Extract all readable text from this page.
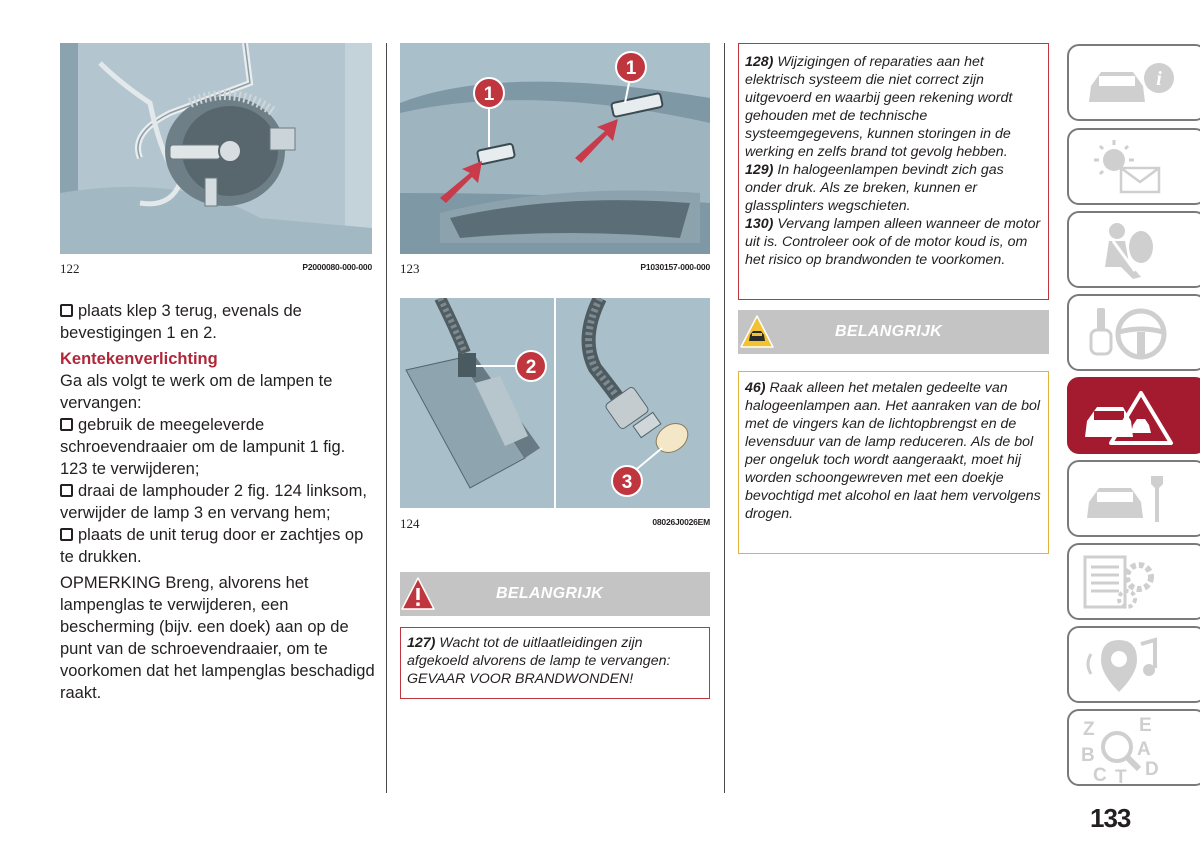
122	P2000080-000-000
1
1
123	P1030157-000-000
2
3
124	08026J0026EM

plaats klep 3 terug, evenals de bevestigingen 1 en 2.

Kentekenverlichting

Ga als volgt te werk om de lampen te vervangen:

gebruik de meegeleverde schroevendraaier om de lampunit 1 fig. 123 te verwijderen;

draai de lamphouder 2 fig. 124 linksom, verwijder de lamp 3 en vervang hem;

plaats de unit terug door er zachtjes op te drukken.

OPMERKING Breng, alvorens het lampenglas te verwijderen, een bescherming (bijv. een doek) aan op de punt van de schroevendraaier, om te voorkomen dat het lampenglas beschadigd raakt.

BELANGRIJK
127) Wacht tot de uitlaatleidingen zijn afgekoeld alvorens de lamp te vervangen: GEVAAR VOOR BRANDWONDEN!
128) Wijzigingen of reparaties aan het elektrisch systeem die niet correct zijn uitgevoerd en waarbij geen rekening wordt gehouden met de technische systeemgegevens, kunnen storingen in de werking en zelfs brand tot gevolg hebben.
129) In halogeenlampen bevindt zich gas onder druk. Als ze breken, kunnen er glassplinters wegschieten.
130) Vervang lampen alleen wanneer de motor uit is. Controleer ook of de motor koud is, om het risico op brandwonden te voorkomen.
BELANGRIJK
46) Raak alleen het metalen gedeelte van halogeenlampen aan. Het aanraken van de bol met de vingers kan de lichtopbrengst en de levensduur van de lamp reduceren. Als de bol per ongeluk toch wordt aangeraakt, moet hij worden schoongewreven met een doekje bevochtigd met alcohol en laat hem vervolgens drogen.
i
Z E
B A
C T D
133
